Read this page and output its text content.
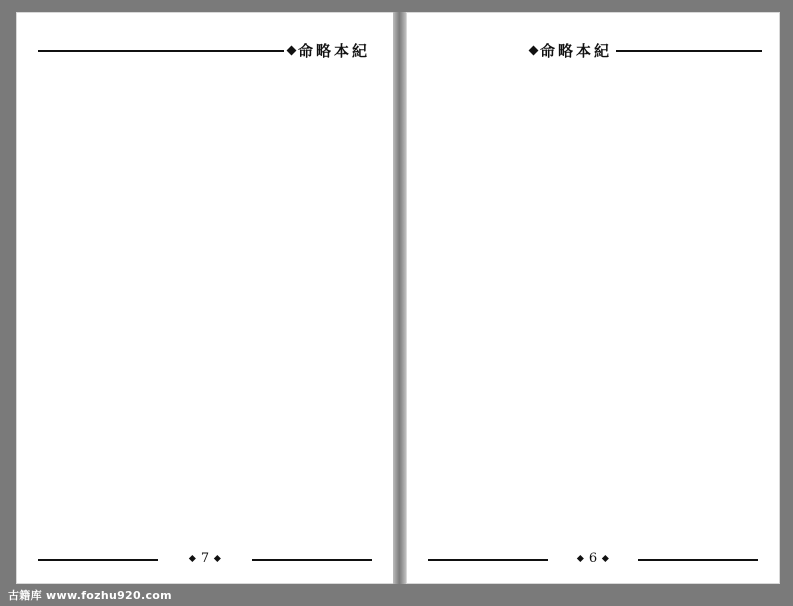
命略本紀
7
命略本紀
6
古籍库 www.fozhu920.com
